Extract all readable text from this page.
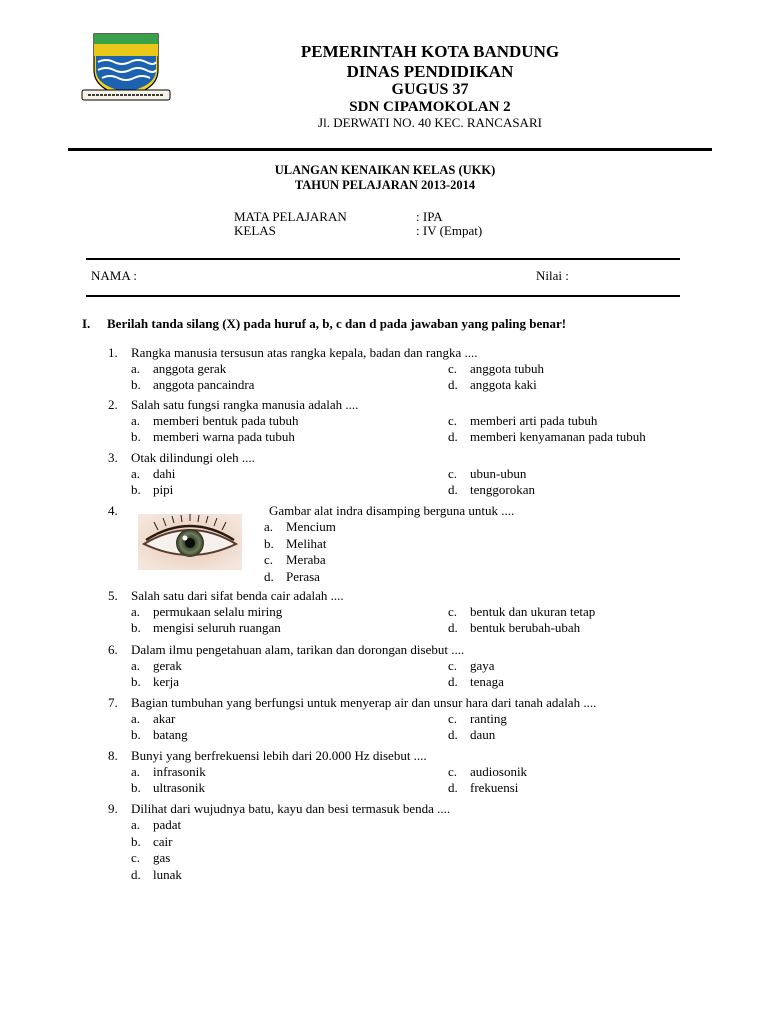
PEMERINTAH KOTA BANDUNG
DINAS PENDIDIKAN
GUGUS 37
SDN CIPAMOKOLAN 2
Jl. DERWATI NO. 40 KEC. RANCASARI
ULANGAN KENAIKAN KELAS (UKK)
TAHUN PELAJARAN 2013-2014
MATA PELAJARAN	: IPA
KELAS	: IV (Empat)
NAMA :	Nilai :
I. Berilah tanda silang (X) pada huruf a, b, c dan d pada jawaban yang paling benar!
1. Rangka manusia tersusun atas rangka kepala, badan dan rangka ....
a. anggota gerak
b. anggota pancaindra
c. anggota tubuh
d. anggota kaki
2. Salah satu fungsi rangka manusia adalah ....
a. memberi bentuk pada tubuh
b. memberi warna pada tubuh
c. memberi arti pada tubuh
d. memberi kenyamanan pada tubuh
3. Otak dilindungi oleh ....
a. dahi
b. pipi
c. ubun-ubun
d. tenggorokan
4.	Gambar alat indra disamping berguna untuk ....
a. Mencium
b. Melihat
c. Meraba
d. Perasa
5. Salah satu dari sifat benda cair adalah ....
a. permukaan selalu miring
b. mengisi seluruh ruangan
c. bentuk dan ukuran tetap
d. bentuk berubah-ubah
6. Dalam ilmu pengetahuan alam, tarikan dan dorongan disebut ....
a. gerak
b. kerja
c. gaya
d. tenaga
7. Bagian tumbuhan yang berfungsi untuk menyerap air dan unsur hara dari tanah adalah ....
a. akar
b. batang
c. ranting
d. daun
8. Bunyi yang berfrekuensi lebih dari 20.000 Hz disebut ....
a. infrasonik
b. ultrasonik
c. audiosonik
d. frekuensi
9. Dilihat dari wujudnya batu, kayu dan besi termasuk benda ....
a. padat
b. cair
c. gas
d. lunak
